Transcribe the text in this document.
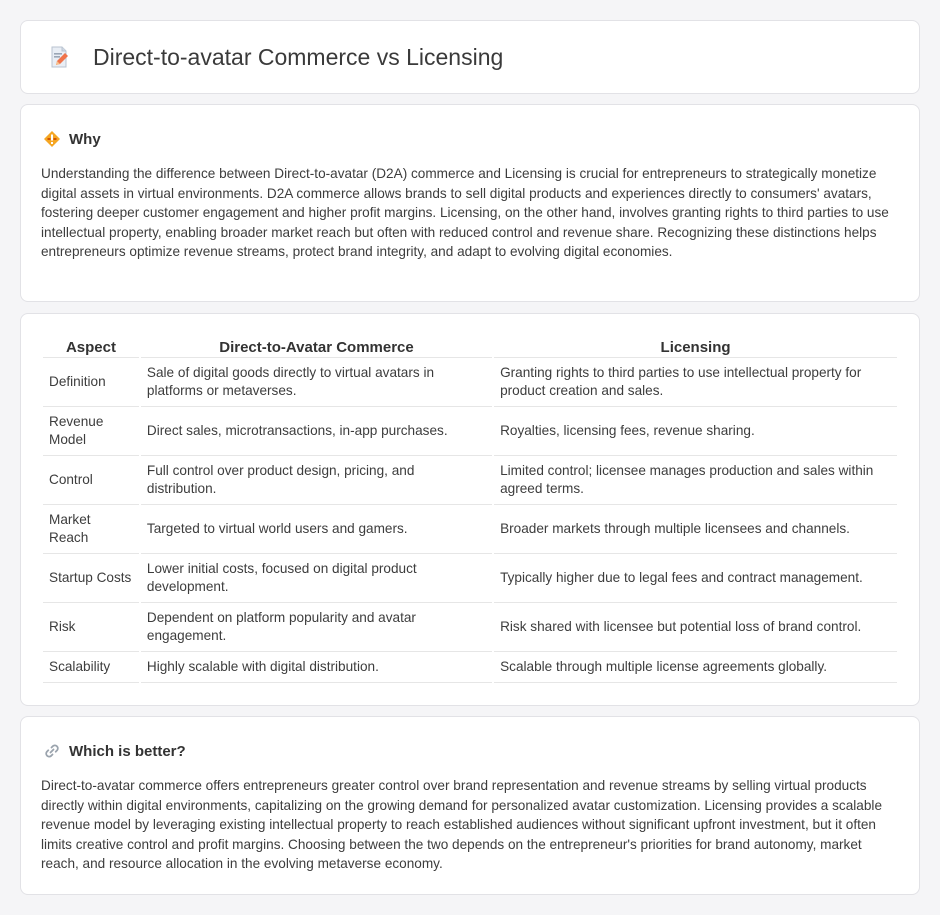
Direct-to-avatar Commerce vs Licensing
Why

Understanding the difference between Direct-to-avatar (D2A) commerce and Licensing is crucial for entrepreneurs to strategically monetize digital assets in virtual environments. D2A commerce allows brands to sell digital products and experiences directly to consumers' avatars, fostering deeper customer engagement and higher profit margins. Licensing, on the other hand, involves granting rights to third parties to use intellectual property, enabling broader market reach but often with reduced control and revenue share. Recognizing these distinctions helps entrepreneurs optimize revenue streams, protect brand integrity, and adapt to evolving digital economies.

Aspect	Direct-to-Avatar Commerce	Licensing
Definition	Sale of digital goods directly to virtual avatars in platforms or metaverses.	Granting rights to third parties to use intellectual property for product creation and sales.
Revenue Model	Direct sales, microtransactions, in-app purchases.	Royalties, licensing fees, revenue sharing.
Control	Full control over product design, pricing, and distribution.	Limited control; licensee manages production and sales within agreed terms.
Market Reach	Targeted to virtual world users and gamers.	Broader markets through multiple licensees and channels.
Startup Costs	Lower initial costs, focused on digital product development.	Typically higher due to legal fees and contract management.
Risk	Dependent on platform popularity and avatar engagement.	Risk shared with licensee but potential loss of brand control.
Scalability	Highly scalable with digital distribution.	Scalable through multiple license agreements globally.
Which is better?

Direct-to-avatar commerce offers entrepreneurs greater control over brand representation and revenue streams by selling virtual products directly within digital environments, capitalizing on the growing demand for personalized avatar customization. Licensing provides a scalable revenue model by leveraging existing intellectual property to reach established audiences without significant upfront investment, but it often limits creative control and profit margins. Choosing between the two depends on the entrepreneur's priorities for brand autonomy, market reach, and resource allocation in the evolving metaverse economy.
